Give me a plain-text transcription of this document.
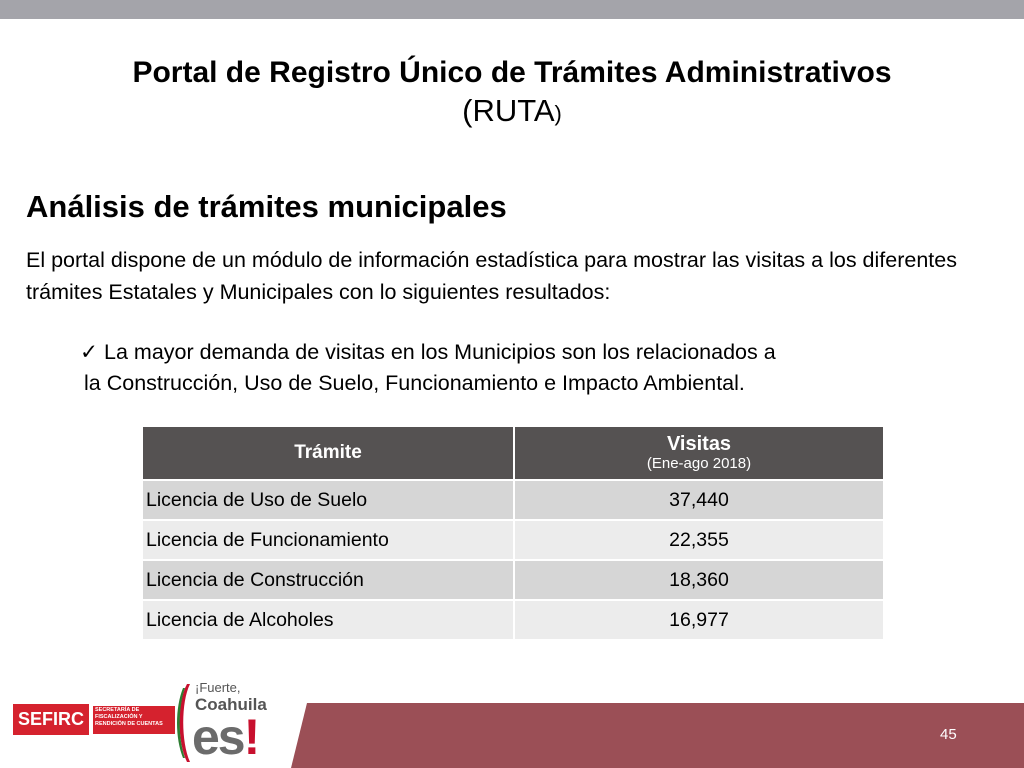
Portal de Registro Único de Trámites Administrativos
(RUTA)
Análisis de trámites municipales
El portal dispone de un módulo de información estadística para mostrar las visitas a los diferentes trámites Estatales y Municipales con lo siguientes resultados:
✓ La mayor demanda de visitas en los Municipios son los relacionados a
la Construcción, Uso de Suelo, Funcionamiento e Impacto Ambiental.
Trámite	Visitas
(Ene-ago 2018)

Licencia de Uso de Suelo	37,440
Licencia de Funcionamiento	22,355
Licencia de Construcción	18,360
Licencia de Alcoholes	16,977
45
SEFIRC	SECRETARÍA DE FISCALIZACIÓN Y RENDICIÓN DE CUENTAS
¡Fuerte,
Coahuila
es!
